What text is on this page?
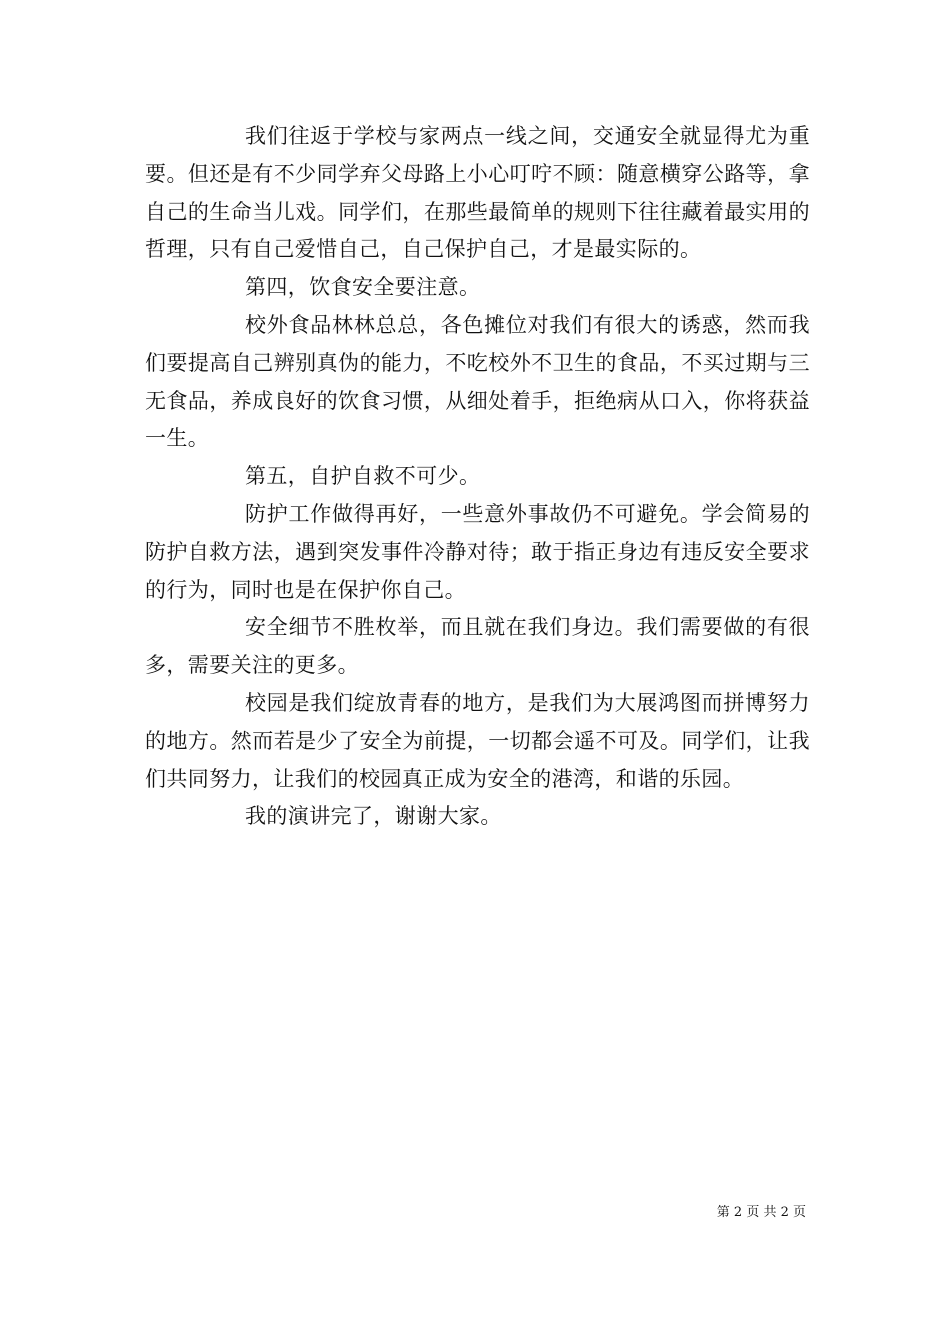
我们往返于学校与家两点一线之间，交通安全就显得尤为重要。但还是有不少同学弃父母路上小心叮咛不顾：随意横穿公路等，拿自己的生命当儿戏。同学们，在那些最简单的规则下往往藏着最实用的哲理，只有自己爱惜自己，自己保护自己，才是最实际的。

第四，饮食安全要注意。

校外食品林林总总，各色摊位对我们有很大的诱惑，然而我们要提高自己辨别真伪的能力，不吃校外不卫生的食品，不买过期与三无食品，养成良好的饮食习惯，从细处着手，拒绝病从口入，你将获益一生。

第五，自护自救不可少。

防护工作做得再好，一些意外事故仍不可避免。学会简易的防护自救方法，遇到突发事件冷静对待；敢于指正身边有违反安全要求的行为，同时也是在保护你自己。

安全细节不胜枚举，而且就在我们身边。我们需要做的有很多，需要关注的更多。

校园是我们绽放青春的地方，是我们为大展鸿图而拼博努力的地方。然而若是少了安全为前提，一切都会遥不可及。同学们，让我们共同努力，让我们的校园真正成为安全的港湾，和谐的乐园。

我的演讲完了，谢谢大家。

第 2 页 共 2 页
